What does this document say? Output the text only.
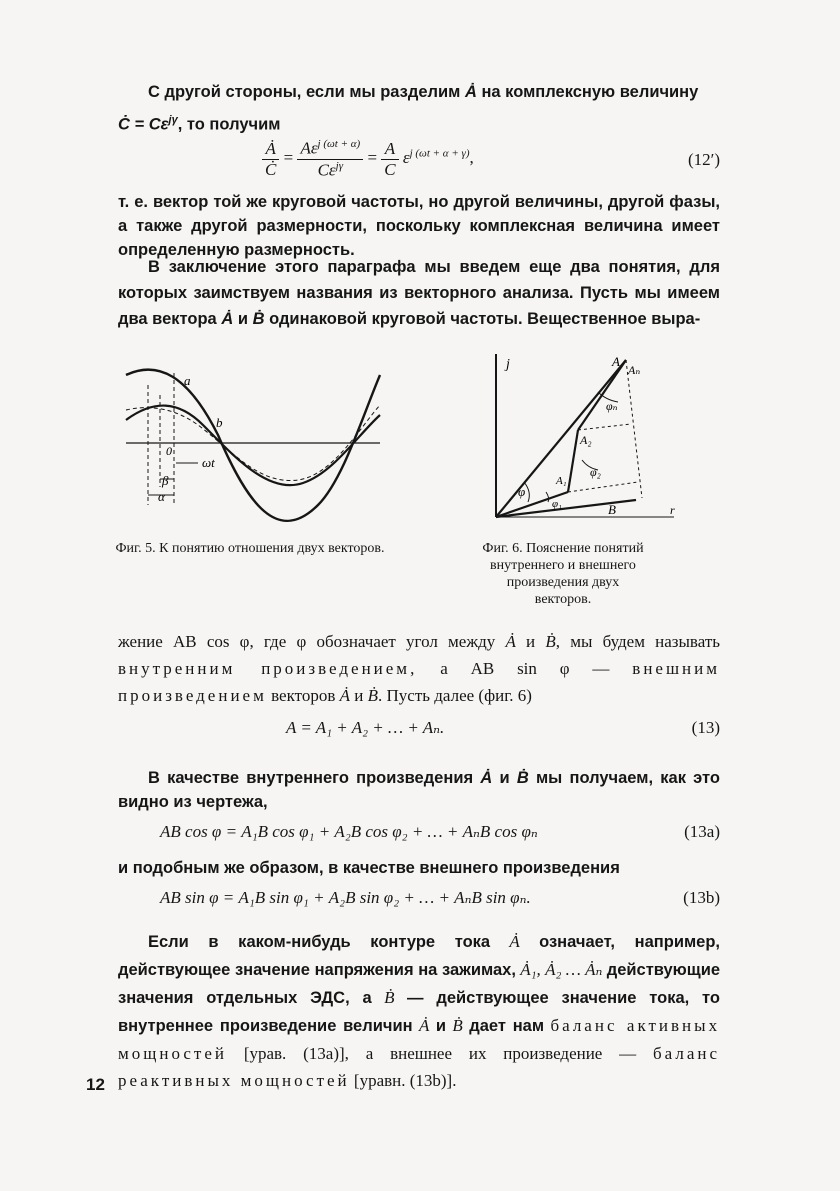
С другой стороны, если мы разделим Ȧ на комплексную величину

Ċ = $C\varepsilon^{j\gamma}$, то получим

$\frac{Ȧ}{Ċ} = \frac{A\varepsilon^{j (\omega t + \alpha)}}{C\varepsilon^{j\gamma}} = \frac{A}{C} \varepsilon^{j (\omega t + \alpha + \gamma)}$,	(12′)

т. е. вектор той же круговой частоты, но другой величины, другой фазы, а также другой размерности, поскольку комплексная величина имеет определенную размерность.

В заключение этого параграфа мы введем еще два понятия, для которых заимствуем названия из векторного анализа. Пусть мы имеем два вектора Ȧ и Ḃ одинаковой круговой частоты. Вещественное выра-

a
b
0
ωt
β
α
Фиг. 5. К понятию отношения двух векторов.
j
r
A
Aₙ
φₙ
A₂
φ₂
A₁
φ₁
φ
B
Фиг. 6. Пояснение понятий внутреннего и внешнего произведения двух векторов.

жение AB cos φ, где φ обозначает угол между Ȧ и Ḃ, мы будем называть внутренним произведением, а AB sin φ — внешним произведением векторов Ȧ и Ḃ. Пусть далее (фиг. 6)

A = A₁ + A₂ + … + Aₙ.	(13)

В качестве внутреннего произведения Ȧ и Ḃ мы получаем, как это видно из чертежа,

AB cos φ = A₁B cos φ₁ + A₂B cos φ₂ + … + AₙB cos φₙ	(13a)

и подобным же образом, в качестве внешнего произведения

AB sin φ = A₁B sin φ₁ + A₂B sin φ₂ + … + AₙB sin φₙ.	(13b)

Если в каком-нибудь контуре тока Ȧ означает, например, действующее значение напряжения на зажимах, Ȧ₁, Ȧ₂ … Ȧₙ действующие значения отдельных ЭДС, а Ḃ — действующее значение тока, то внутреннее произведение величин Ȧ и Ḃ дает нам баланс активных мощностей [урав. (13a)], а внешнее их произведение — баланс реактивных мощностей [уравн. (13b)].

12
